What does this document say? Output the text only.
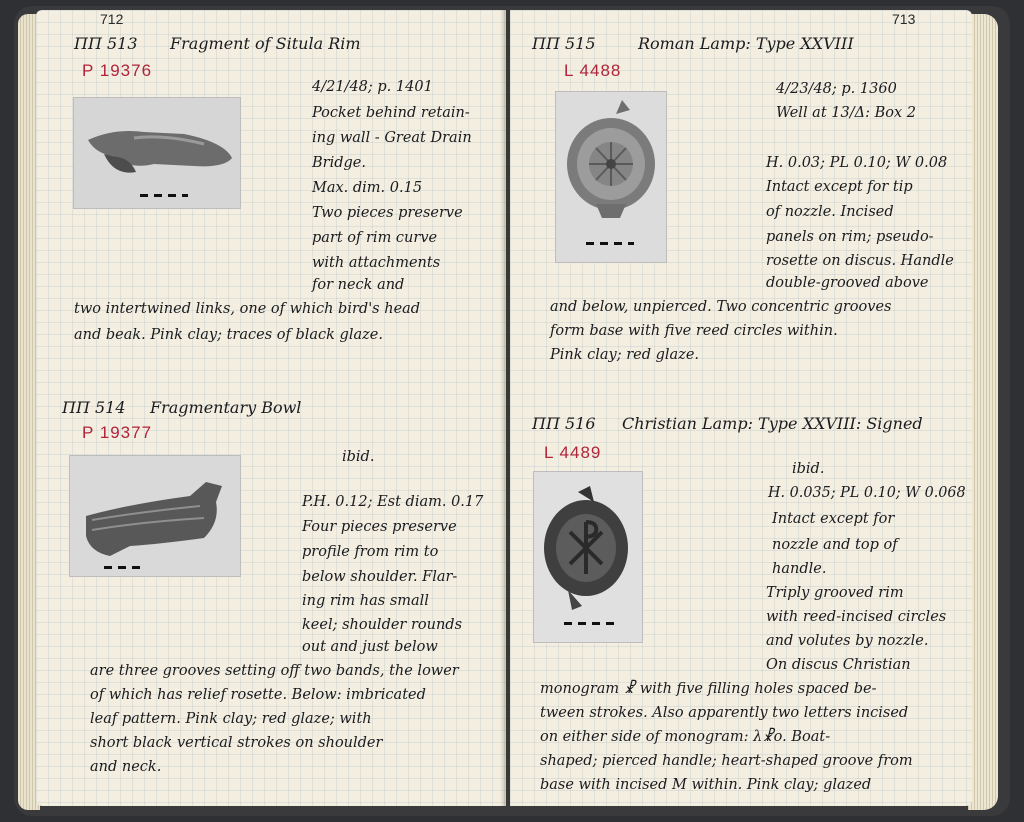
712
ΠΠ 513 Fragment of Situla Rim
P 19376
4/21/48; p. 1401
Pocket behind retain-
ing wall - Great Drain
Bridge.
Max. dim. 0.15
Two pieces preserve
part of rim curve
with attachments
for neck and
two intertwined links, one of which bird's head
and beak. Pink clay; traces of black glaze.
ΠΠ 514 Fragmentary Bowl
P 19377
ibid.
P.H. 0.12; Est diam. 0.17
Four pieces preserve
profile from rim to
below shoulder. Flar-
ing rim has small
keel; shoulder rounds
out and just below
are three grooves setting off two bands, the lower
of which has relief rosette. Below: imbricated
leaf pattern. Pink clay; red glaze; with
short black vertical strokes on shoulder
and neck.
713
ΠΠ 515	Roman Lamp: Type XXVIII
L 4488
4/23/48; p. 1360
Well at 13/Δ: Box 2
H. 0.03; PL 0.10; W 0.08
Intact except for tip
of nozzle. Incised
panels on rim; pseudo-
rosette on discus. Handle
double-grooved above
and below, unpierced. Two concentric grooves
form base with five reed circles within.
Pink clay; red glaze.
ΠΠ 516 Christian Lamp: Type XXVIII: Signed
L 4489
ibid.
H. 0.035; PL 0.10; W 0.068
Intact except for
nozzle and top of
handle.
Triply grooved rim
with reed-incised circles
and volutes by nozzle.
On discus Christian
monogram ☧ with five filling holes spaced be-
tween strokes. Also apparently two letters incised
on either side of monogram: λ☧o. Boat-
shaped; pierced handle; heart-shaped groove from
base with incised M within. Pink clay; glazed
